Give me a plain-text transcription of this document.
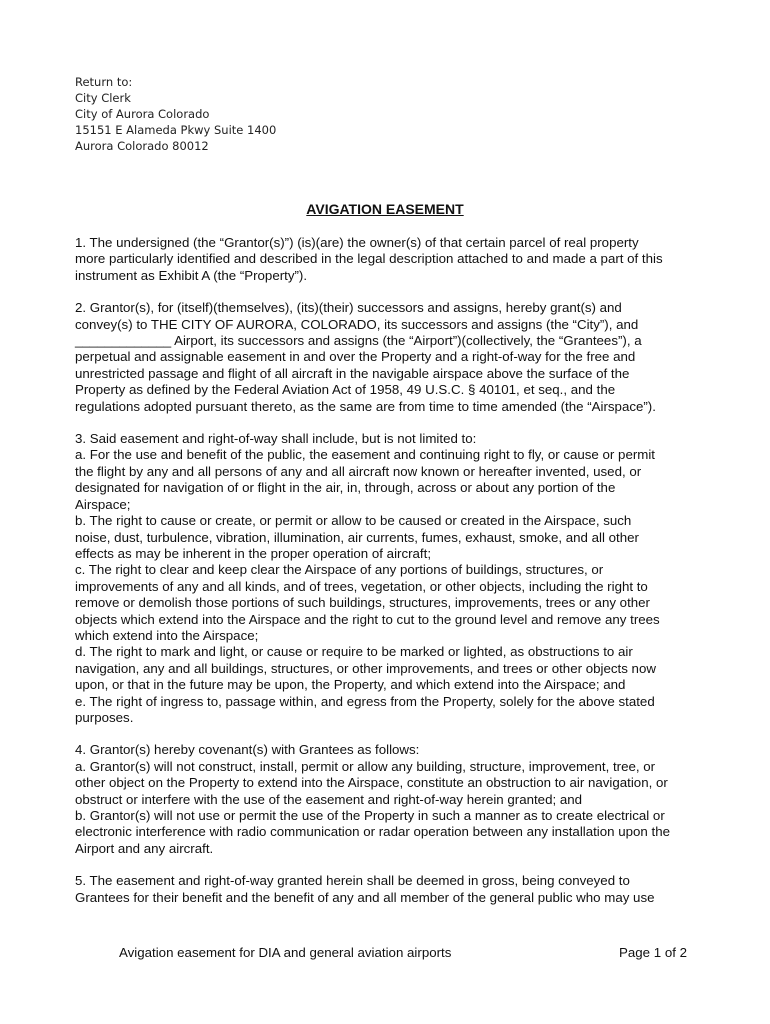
Return to:
City Clerk
City of Aurora Colorado
15151 E Alameda Pkwy Suite 1400
Aurora Colorado 80012
AVIGATION EASEMENT

1. The undersigned (the “Grantor(s)”) (is)(are) the owner(s) of that certain parcel of real property
more particularly identified and described in the legal description attached to and made a part of this
instrument as Exhibit A (the “Property”).

2. Grantor(s), for (itself)(themselves), (its)(their) successors and assigns, hereby grant(s) and
convey(s) to THE CITY OF AURORA, COLORADO, its successors and assigns (the “City”), and
_____________ Airport, its successors and assigns (the “Airport”)(collectively, the “Grantees”), a
perpetual and assignable easement in and over the Property and a right-of-way for the free and
unrestricted passage and flight of all aircraft in the navigable airspace above the surface of the
Property as defined by the Federal Aviation Act of 1958, 49 U.S.C. § 40101, et seq., and the
regulations adopted pursuant thereto, as the same are from time to time amended (the “Airspace”).

3. Said easement and right-of-way shall include, but is not limited to:
a. For the use and benefit of the public, the easement and continuing right to fly, or cause or permit
the flight by any and all persons of any and all aircraft now known or hereafter invented, used, or
designated for navigation of or flight in the air, in, through, across or about any portion of the
Airspace;
b. The right to cause or create, or permit or allow to be caused or created in the Airspace, such
noise, dust, turbulence, vibration, illumination, air currents, fumes, exhaust, smoke, and all other
effects as may be inherent in the proper operation of aircraft;
c. The right to clear and keep clear the Airspace of any portions of buildings, structures, or
improvements of any and all kinds, and of trees, vegetation, or other objects, including the right to
remove or demolish those portions of such buildings, structures, improvements, trees or any other
objects which extend into the Airspace and the right to cut to the ground level and remove any trees
which extend into the Airspace;
d. The right to mark and light, or cause or require to be marked or lighted, as obstructions to air
navigation, any and all buildings, structures, or other improvements, and trees or other objects now
upon, or that in the future may be upon, the Property, and which extend into the Airspace; and
e. The right of ingress to, passage within, and egress from the Property, solely for the above stated
purposes.

4. Grantor(s) hereby covenant(s) with Grantees as follows:
a. Grantor(s) will not construct, install, permit or allow any building, structure, improvement, tree, or
other object on the Property to extend into the Airspace, constitute an obstruction to air navigation, or
obstruct or interfere with the use of the easement and right-of-way herein granted; and
b. Grantor(s) will not use or permit the use of the Property in such a manner as to create electrical or
electronic interference with radio communication or radar operation between any installation upon the
Airport and any aircraft.

5. The easement and right-of-way granted herein shall be deemed in gross, being conveyed to
Grantees for their benefit and the benefit of any and all member of the general public who may use

Avigation easement for DIA and general aviation airports	Page 1 of 2
